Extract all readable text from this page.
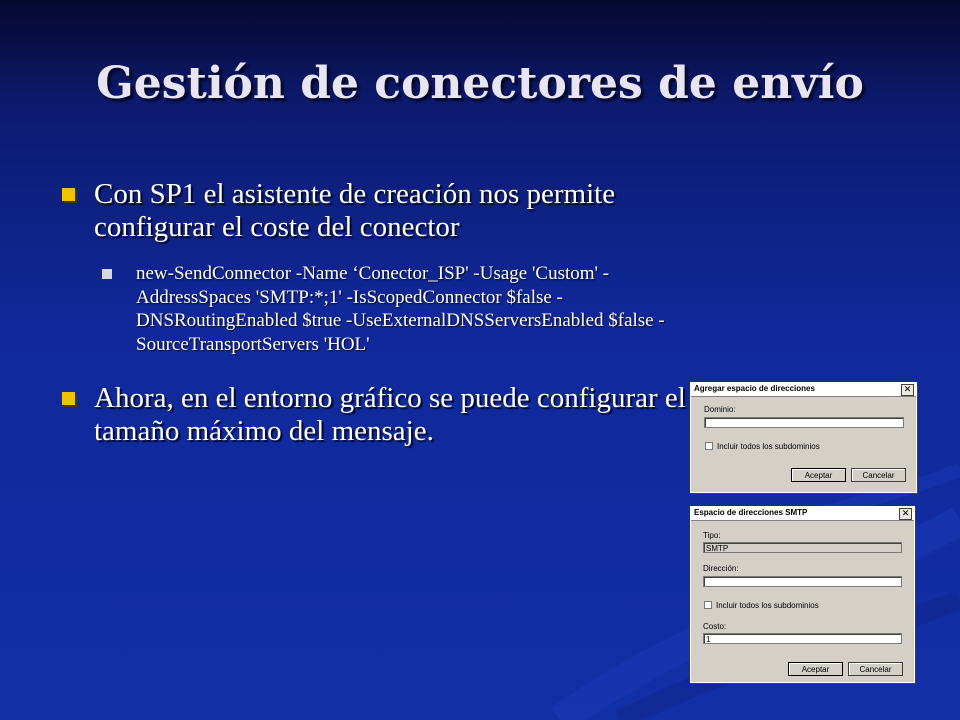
Gestión de conectores de envío
Con SP1 el asistente de creación nos permite configurar el coste del conector
new-SendConnector -Name ‘Conector_ISP' -Usage 'Custom' -AddressSpaces 'SMTP:*;1' -IsScopedConnector $false -DNSRoutingEnabled $true -UseExternalDNSServersEnabled $false -SourceTransportServers 'HOL'
Ahora, en el entorno gráfico se puede configurar el tamaño máximo del mensaje.
Agregar espacio de direcciones	✕
Dominio:
Incluir todos los subdominios
Aceptar	Cancelar
Espacio de direcciones SMTP	✕
Tipo:
SMTP
Dirección:
Incluir todos los subdominios
Costo:
1
Aceptar	Cancelar
